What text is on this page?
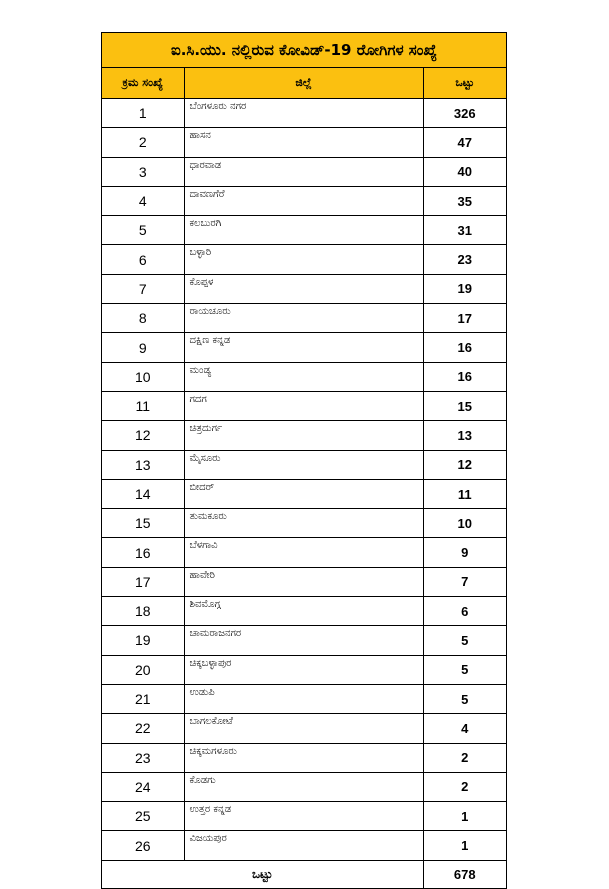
ಐ.ಸಿ.ಯು. ನಲ್ಲಿರುವ ಕೋವಿಡ್-19 ರೋಗಿಗಳ ಸಂಖ್ಯೆ
ಕ್ರಮ ಸಂಖ್ಯೆ	ಜಿಲ್ಲೆ	ಒಟ್ಟು
1	ಬೆಂಗಳೂರು ನಗರ	326
2	ಹಾಸನ	47
3	ಧಾರವಾಡ	40
4	ದಾವಣಗೆರೆ	35
5	ಕಲಬುರಗಿ	31
6	ಬಳ್ಳಾರಿ	23
7	ಕೊಪ್ಪಳ	19
8	ರಾಯಚೂರು	17
9	ದಕ್ಷಿಣ ಕನ್ನಡ	16
10	ಮಂಡ್ಯ	16
11	ಗದಗ	15
12	ಚಿತ್ರದುರ್ಗ	13
13	ಮೈಸೂರು	12
14	ಬೀದರ್	11
15	ತುಮಕೂರು	10
16	ಬೆಳಗಾವಿ	9
17	ಹಾವೇರಿ	7
18	ಶಿವಮೊಗ್ಗ	6
19	ಚಾಮರಾಜನಗರ	5
20	ಚಿಕ್ಕಬಳ್ಳಾಪುರ	5
21	ಉಡುಪಿ	5
22	ಬಾಗಲಕೋಟೆ	4
23	ಚಿಕ್ಕಮಗಳೂರು	2
24	ಕೊಡಗು	2
25	ಉತ್ತರ ಕನ್ನಡ	1
26	ವಿಜಯಪುರ	1
ಒಟ್ಟು		678
